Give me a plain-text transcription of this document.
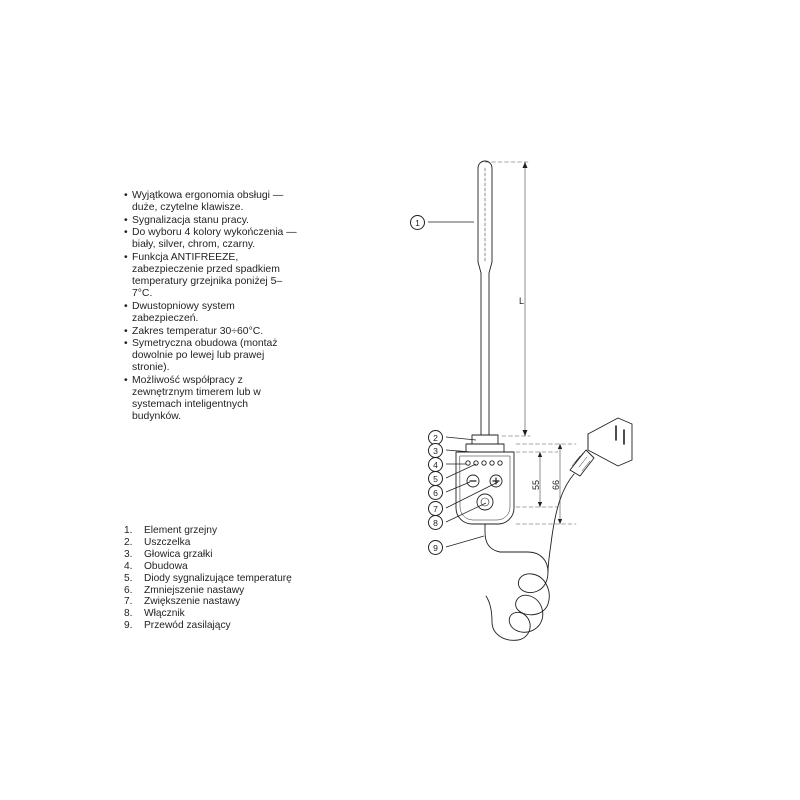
• Wyjątkowa ergonomia obsługi — duże, czytelne klawisze.
• Sygnalizacja stanu pracy.
• Do wyboru 4 kolory wykończenia — biały, silver, chrom, czarny.
• Funkcja ANTIFREEZE, zabezpieczenie przed spadkiem temperatury grzejnika poniżej 5–7°C.
• Dwustopniowy system zabezpieczeń.
• Zakres temperatur 30÷60°C.
• Symetryczna obudowa (montaż dowolnie po lewej lub prawej stronie).
• Możliwość współpracy z zewnętrznym timerem lub w systemach inteligentnych budynków.
1.	Element grzejny
2.	Uszczelka
3.	Głowica grzałki
4.	Obudowa
5.	Diody sygnalizujące temperaturę
6.	Zmniejszenie nastawy
7.	Zwiększenie nastawy
8.	Włącznik
9.	Przewód zasilający
1
2
3
4
5
6
7
8
9
L
55 66
